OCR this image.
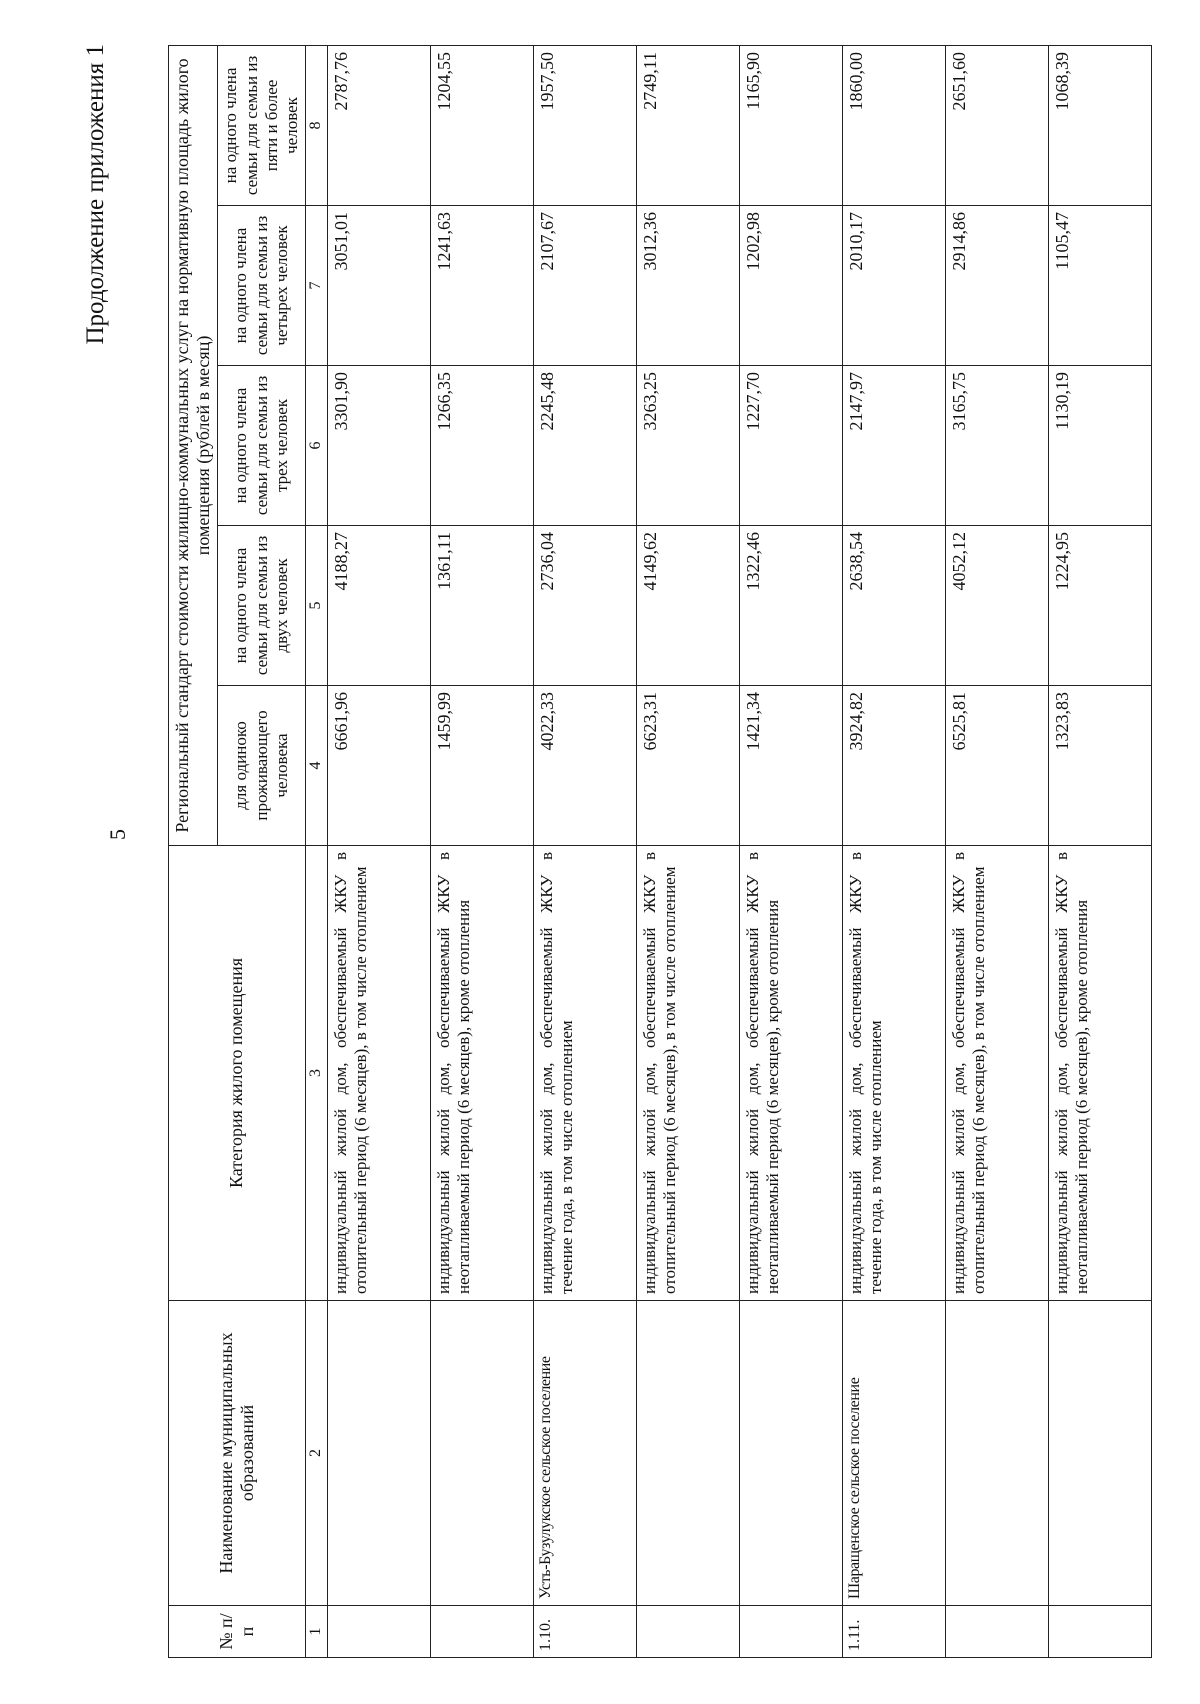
5
Продолжение приложения 1
№ п/п	Наименование муниципальных образований	Категория жилого помещения	Региональный стандарт стоимости жилищно-коммунальных услуг на нормативную площадь жилого помещения (рублей в месяц)				
			для одиноко проживающего человека	на одного члена семьи для семьи из двух человек	на одного члена семьи для семьи из трех человек	на одного члена семьи для семьи из четырех человек	на одного члена семьи для семьи из пяти и более человек
1	2	3	4	5	6	7	8
		индивидуальный жилой дом, обеспечиваемый ЖКУ в отопительный период (6 месяцев), в том числе отоплением	6661,96	4188,27	3301,90	3051,01	2787,76
		индивидуальный жилой дом, обеспечиваемый ЖКУ в неотапливаемый период (6 месяцев), кроме отопления	1459,99	1361,11	1266,35	1241,63	1204,55
1.10.	Усть-Бузулукское сельское поселение	индивидуальный жилой дом, обеспечиваемый ЖКУ в течение года, в том числе отоплением	4022,33	2736,04	2245,48	2107,67	1957,50
		индивидуальный жилой дом, обеспечиваемый ЖКУ в отопительный период (6 месяцев), в том числе отоплением	6623,31	4149,62	3263,25	3012,36	2749,11
		индивидуальный жилой дом, обеспечиваемый ЖКУ в неотапливаемый период (6 месяцев), кроме отопления	1421,34	1322,46	1227,70	1202,98	1165,90
1.11.	Шаращенское сельское поселение	индивидуальный жилой дом, обеспечиваемый ЖКУ в течение года, в том числе отоплением	3924,82	2638,54	2147,97	2010,17	1860,00
		индивидуальный жилой дом, обеспечиваемый ЖКУ в отопительный период (6 месяцев), в том числе отоплением	6525,81	4052,12	3165,75	2914,86	2651,60
		индивидуальный жилой дом, обеспечиваемый ЖКУ в неотапливаемый период (6 месяцев), кроме отопления	1323,83	1224,95	1130,19	1105,47	1068,39
